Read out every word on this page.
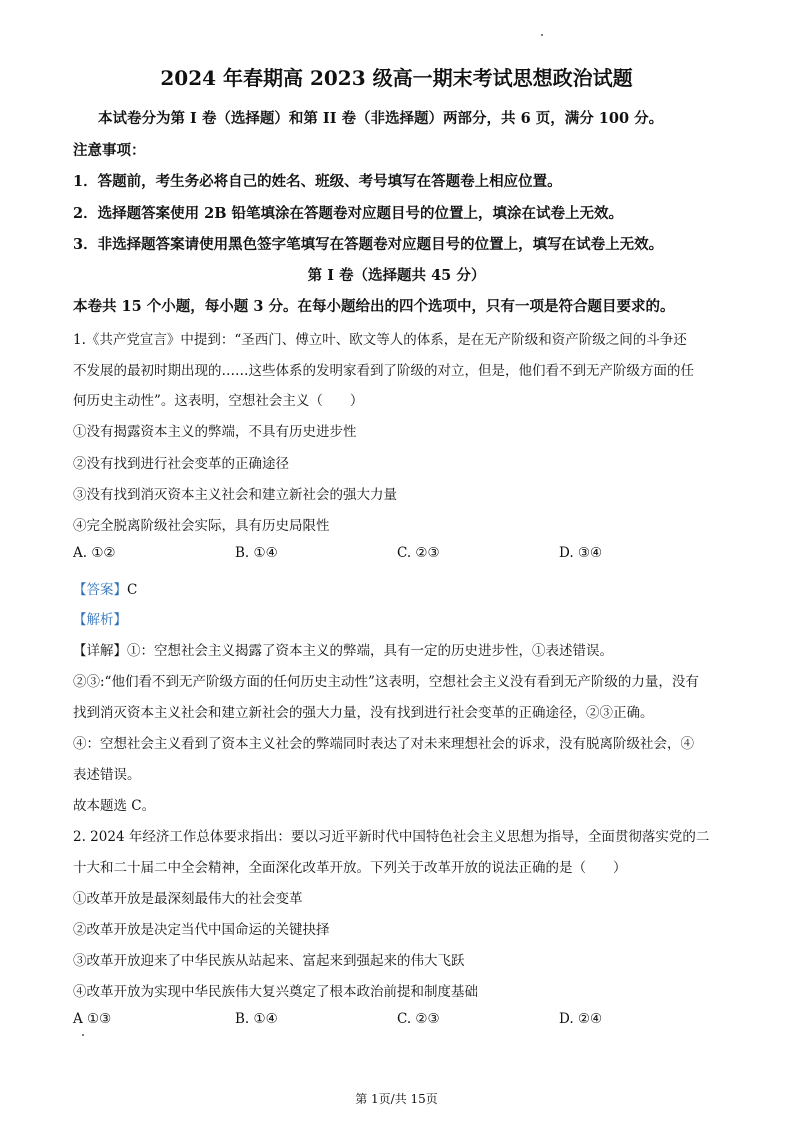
2024 年春期高 2023 级高一期末考试思想政治试题
本试卷分为第 I 卷（选择题）和第 II 卷（非选择题）两部分，共 6 页，满分 100 分。
注意事项：
1．答题前，考生务必将自己的姓名、班级、考号填写在答题卷上相应位置。
2．选择题答案使用 2B 铅笔填涂在答题卷对应题目号的位置上，填涂在试卷上无效。
3．非选择题答案请使用黑色签字笔填写在答题卷对应题目号的位置上，填写在试卷上无效。
第 I 卷（选择题共 45 分）
本卷共 15 个小题，每小题 3 分。在每小题给出的四个选项中，只有一项是符合题目要求的。
1.《共产党宣言》中提到：“圣西门、傅立叶、欧文等人的体系，是在无产阶级和资产阶级之间的斗争还
不发展的最初时期出现的……这些体系的发明家看到了阶级的对立，但是，他们看不到无产阶级方面的任
何历史主动性”。这表明，空想社会主义（　　）
①没有揭露资本主义的弊端，不具有历史进步性
②没有找到进行社会变革的正确途径
③没有找到消灭资本主义社会和建立新社会的强大力量
④完全脱离阶级社会实际，具有历史局限性
A. ①②	B. ①④	C. ②③	D. ③④
【答案】C
【解析】
【详解】①：空想社会主义揭露了资本主义的弊端，具有一定的历史进步性，①表述错误。
②③:“他们看不到无产阶级方面的任何历史主动性”这表明，空想社会主义没有看到无产阶级的力量，没有
找到消灭资本主义社会和建立新社会的强大力量，没有找到进行社会变革的正确途径，②③正确。
④：空想社会主义看到了资本主义社会的弊端同时表达了对未来理想社会的诉求，没有脱离阶级社会，④
表述错误。
故本题选 C。
2. 2024 年经济工作总体要求指出：要以习近平新时代中国特色社会主义思想为指导，全面贯彻落实党的二
十大和二十届二中全会精神，全面深化改革开放。下列关于改革开放的说法正确的是（　　）
①改革开放是最深刻最伟大的社会变革
②改革开放是决定当代中国命运的关键抉择
③改革开放迎来了中华民族从站起来、富起来到强起来的伟大飞跃
④改革开放为实现中华民族伟大复兴奠定了根本政治前提和制度基础
A ①③	B. ①④	C. ②③	D. ②④
第 1页/共 15页
